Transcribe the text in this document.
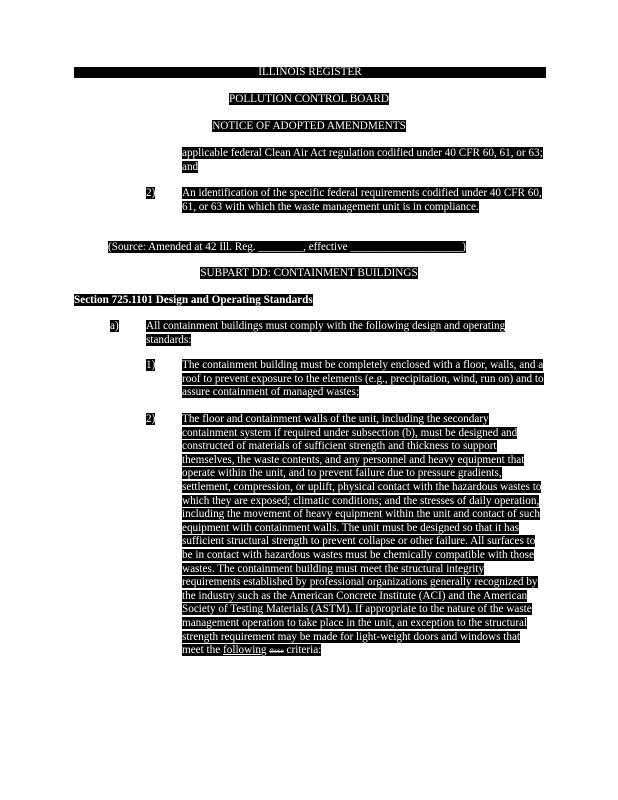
ILLINOIS REGISTER
POLLUTION CONTROL BOARD
NOTICE OF ADOPTED AMENDMENTS
applicable federal Clean Air Act regulation codified under 40 CFR 60, 61, or 63; and
2) An identification of the specific federal requirements codified under 40 CFR 60, 61, or 63 with which the waste management unit is in compliance.
(Source: Amended at 42 Ill. Reg. ________, effective ____________________)
SUBPART DD: CONTAINMENT BUILDINGS
Section 725.1101 Design and Operating Standards
a) All containment buildings must comply with the following design and operating standards:
1) The containment building must be completely enclosed with a floor, walls, and a roof to prevent exposure to the elements (e.g., precipitation, wind, run on) and to assure containment of managed wastes;
2) The floor and containment walls of the unit, including the secondary containment system if required under subsection (b), must be designed and constructed of materials of sufficient strength and thickness to support themselves, the waste contents, and any personnel and heavy equipment that operate within the unit, and to prevent failure due to pressure gradients, settlement, compression, or uplift, physical contact with the hazardous wastes to which they are exposed; climatic conditions; and the stresses of daily operation, including the movement of heavy equipment within the unit and contact of such equipment with containment walls. The unit must be designed so that it has sufficient structural strength to prevent collapse or other failure. All surfaces to be in contact with hazardous wastes must be chemically compatible with those wastes. The containment building must meet the structural integrity requirements established by professional organizations generally recognized by the industry such as the American Concrete Institute (ACI) and the American Society of Testing Materials (ASTM). If appropriate to the nature of the waste management operation to take place in the unit, an exception to the structural strength requirement may be made for light-weight doors and windows that meet the following these criteria:
